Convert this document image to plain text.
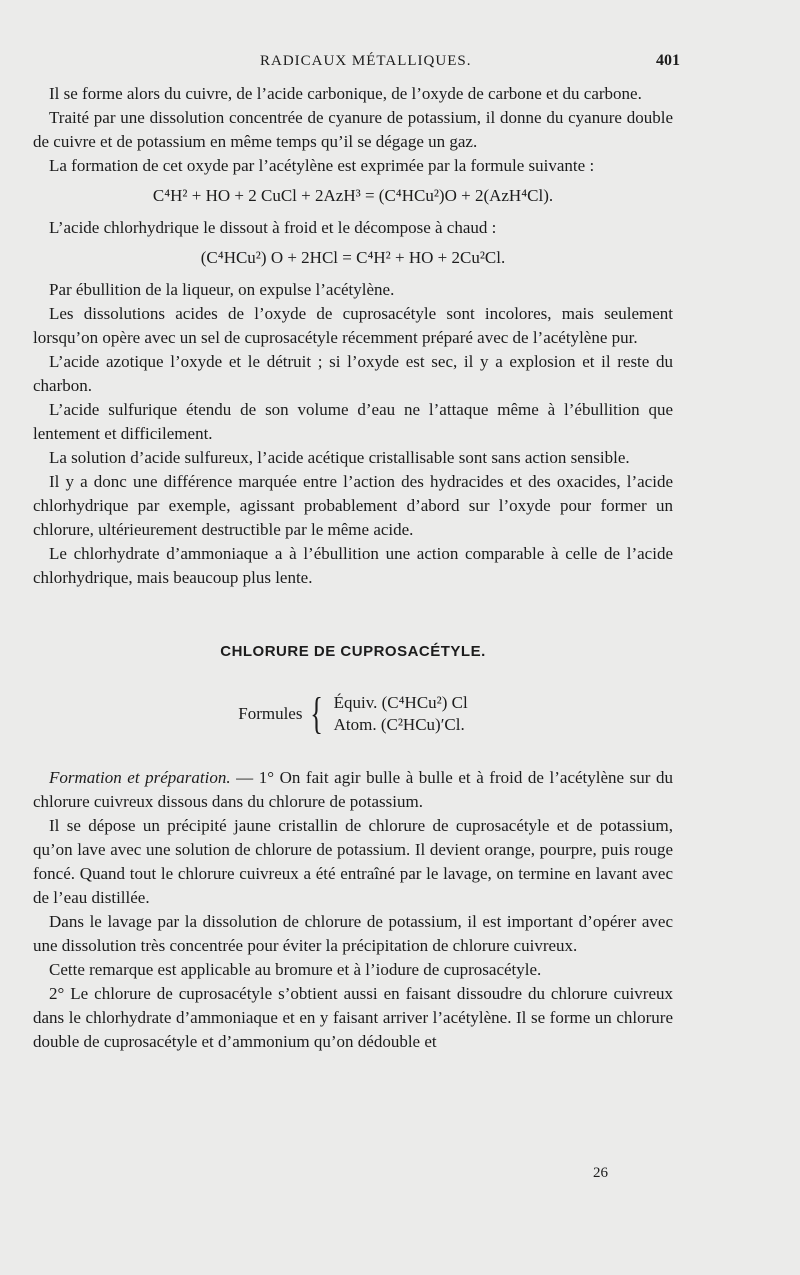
RADICAUX MÉTALLIQUES.	401

Il se forme alors du cuivre, de l’acide carbonique, de l’oxyde de carbone et du carbone.

Traité par une dissolution concentrée de cyanure de potassium, il donne du cyanure double de cuivre et de potassium en même temps qu’il se dégage un gaz.

La formation de cet oxyde par l’acétylène est exprimée par la formule suivante :

C⁴H² + HO + 2 CuCl + 2AzH³ = (C⁴HCu²)O + 2(AzH⁴Cl).

L’acide chlorhydrique le dissout à froid et le décompose à chaud :

(C⁴HCu²) O + 2HCl = C⁴H² + HO + 2Cu²Cl.

Par ébullition de la liqueur, on expulse l’acétylène.

Les dissolutions acides de l’oxyde de cuprosacétyle sont incolores, mais seulement lorsqu’on opère avec un sel de cuprosacétyle récemment préparé avec de l’acétylène pur.

L’acide azotique l’oxyde et le détruit ; si l’oxyde est sec, il y a explosion et il reste du charbon.

L’acide sulfurique étendu de son volume d’eau ne l’attaque même à l’ébullition que lentement et difficilement.

La solution d’acide sulfureux, l’acide acétique cristallisable sont sans action sensible.

Il y a donc une différence marquée entre l’action des hydracides et des oxacides, l’acide chlorhydrique par exemple, agissant probablement d’abord sur l’oxyde pour former un chlorure, ultérieurement destructible par le même acide.

Le chlorhydrate d’ammoniaque a à l’ébullition une action comparable à celle de l’acide chlorhydrique, mais beaucoup plus lente.

CHLORURE DE CUPROSACÉTYLE.

Formules { Équiv. (C⁴HCu²) Cl
Atom. (C²HCu)′Cl.

Formation et préparation. — 1° On fait agir bulle à bulle et à froid de l’acétylène sur du chlorure cuivreux dissous dans du chlorure de potassium.

Il se dépose un précipité jaune cristallin de chlorure de cuprosacétyle et de potassium, qu’on lave avec une solution de chlorure de potassium. Il devient orange, pourpre, puis rouge foncé. Quand tout le chlorure cuivreux a été entraîné par le lavage, on termine en lavant avec de l’eau distillée.

Dans le lavage par la dissolution de chlorure de potassium, il est important d’opérer avec une dissolution très concentrée pour éviter la précipitation de chlorure cuivreux.

Cette remarque est applicable au bromure et à l’iodure de cuprosacétyle.

2° Le chlorure de cuprosacétyle s’obtient aussi en faisant dissoudre du chlorure cuivreux dans le chlorhydrate d’ammoniaque et en y faisant arriver l’acétylène. Il se forme un chlorure double de cuprosacétyle et d’ammonium qu’on dédouble et

26
